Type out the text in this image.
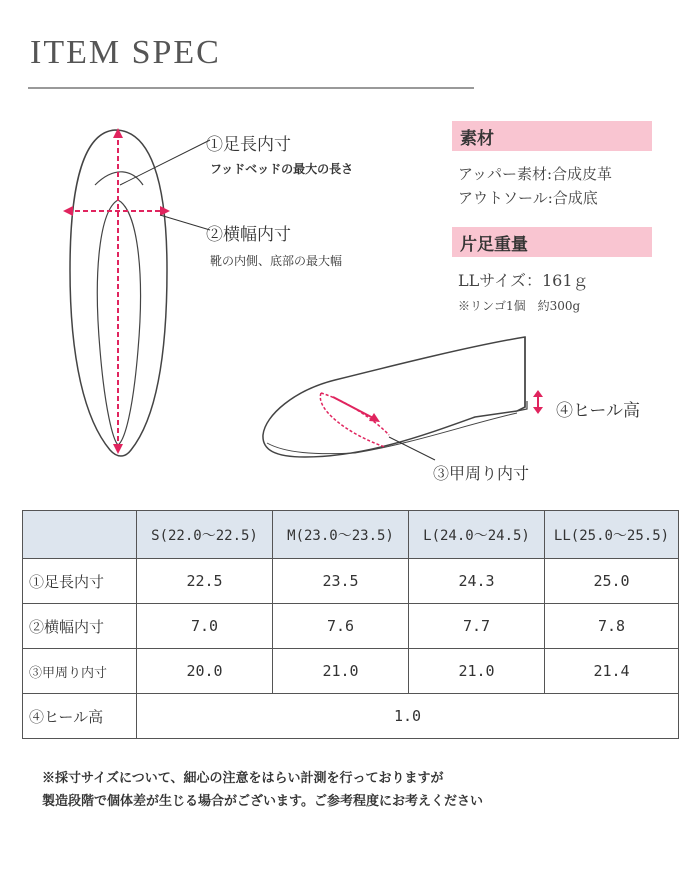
ITEM SPEC
①足長内寸
フッドベッドの最大の長さ
②横幅内寸
靴の内側、底部の最大幅
素材
アッパー素材:合成皮革
アウトソール:合成底
片足重量
LLサイズ：161ｇ
※リンゴ1個　約300g
④ヒール高
③甲周り内寸
	S(22.0〜22.5)	M(23.0〜23.5)	L(24.0〜24.5)	LL(25.0〜25.5)
①足長内寸	22.5	23.5	24.3	25.0
②横幅内寸	7.0	7.6	7.7	7.8
③甲周り内寸	20.0	21.0	21.0	21.4
④ヒール高	1.0			
※採寸サイズについて、細心の注意をはらい計測を行っておりますが
製造段階で個体差が生じる場合がございます。ご参考程度にお考えください
